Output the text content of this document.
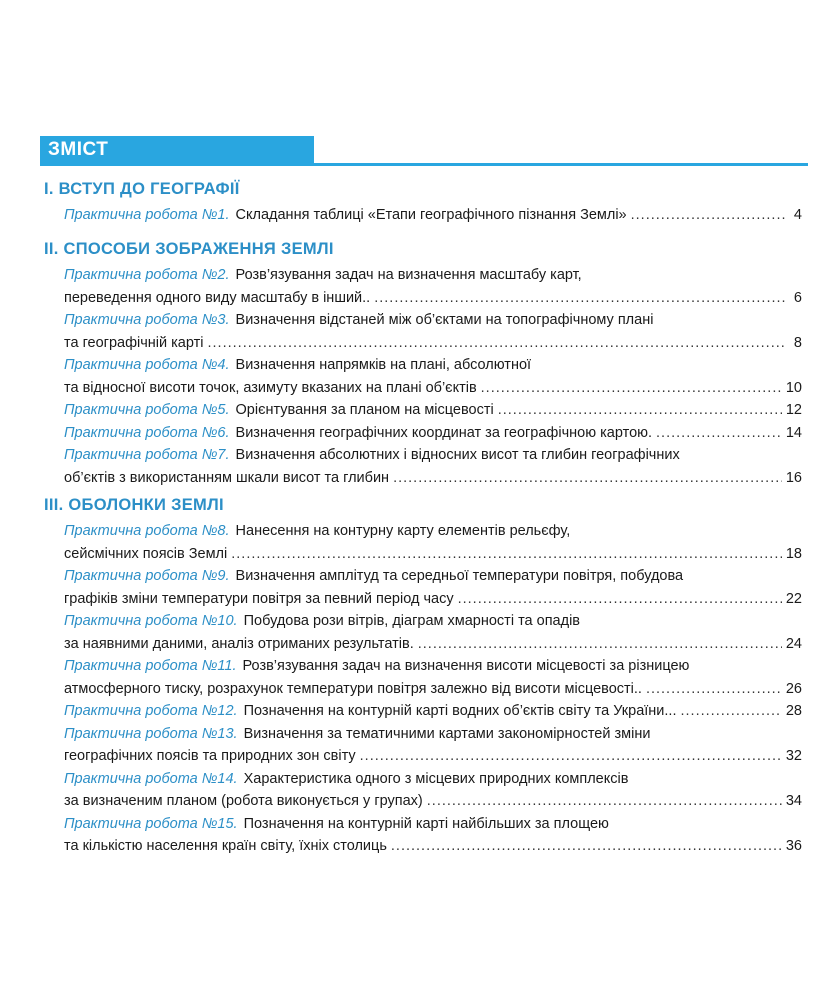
ЗМІСТ
I. ВСТУП ДО ГЕОГРАФІЇ
Практична робота №1. Складання таблиці «Етапи географічного пізнання Землі» .....	4
II. СПОСОБИ ЗОБРАЖЕННЯ ЗЕМЛІ
Практична робота №2. Розв’язування задач на визначення масштабу карт,
переведення одного виду масштабу в інший.. .....	6
Практична робота №3. Визначення відстаней між об’єктами на топографічному плані
та географічній карті .....	8
Практична робота №4. Визначення напрямків на плані, абсолютної
та відносної висоти точок, азимуту вказаних на плані об’єктів .....	10
Практична робота №5. Орієнтування за планом на місцевості .....	12
Практична робота №6. Визначення географічних координат за географічною картою. .....	14
Практична робота №7. Визначення абсолютних і відносних висот та глибин географічних
об’єктів з використанням шкали висот та глибин .....	16
III. ОБОЛОНКИ ЗЕМЛІ
Практична робота №8. Нанесення на контурну карту елементів рельєфу,
сейсмічних поясів Землі .....	18
Практична робота №9. Визначення амплітуд та середньої температури повітря, побудова
графіків зміни температури повітря за певний період часу .....	22
Практична робота №10. Побудова рози вітрів, діаграм хмарності та опадів
за наявними даними, аналіз отриманих результатів. .....	24
Практична робота №11. Розв’язування задач на визначення висоти місцевості за різницею
атмосферного тиску, розрахунок температури повітря залежно від висоти місцевості.. .....	26
Практична робота №12. Позначення на контурній карті водних об’єктів світу та України... .....	28
Практична робота №13. Визначення за тематичними картами закономірностей зміни
географічних поясів та природних зон світу .....	32
Практична робота №14. Характеристика одного з місцевих природних комплексів
за визначеним планом (робота виконується у групах) .....	34
Практична робота №15. Позначення на контурній карті найбільших за площею
та кількістю населення країн світу, їхніх столиць .....	36
